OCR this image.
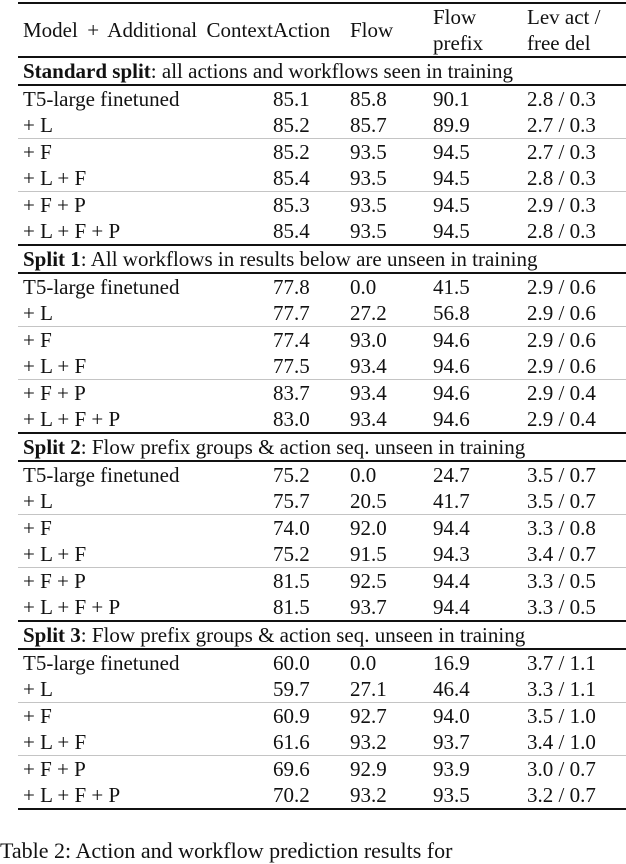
Model + Additional Context	Action	Flow	Flow prefix	Lev act / free del
Standard split: all actions and workflows seen in training				
T5-large finetuned	85.1	85.8	90.1	2.8 / 0.3
+ L	85.2	85.7	89.9	2.7 / 0.3
+ F	85.2	93.5	94.5	2.7 / 0.3
+ L + F	85.4	93.5	94.5	2.8 / 0.3
+ F + P	85.3	93.5	94.5	2.9 / 0.3
+ L + F + P	85.4	93.5	94.5	2.8 / 0.3
Split 1: All workflows in results below are unseen in training				
T5-large finetuned	77.8	0.0	41.5	2.9 / 0.6
+ L	77.7	27.2	56.8	2.9 / 0.6
+ F	77.4	93.0	94.6	2.9 / 0.6
+ L + F	77.5	93.4	94.6	2.9 / 0.6
+ F + P	83.7	93.4	94.6	2.9 / 0.4
+ L + F + P	83.0	93.4	94.6	2.9 / 0.4
Split 2: Flow prefix groups & action seq. unseen in training				
T5-large finetuned	75.2	0.0	24.7	3.5 / 0.7
+ L	75.7	20.5	41.7	3.5 / 0.7
+ F	74.0	92.0	94.4	3.3 / 0.8
+ L + F	75.2	91.5	94.3	3.4 / 0.7
+ F + P	81.5	92.5	94.4	3.3 / 0.5
+ L + F + P	81.5	93.7	94.4	3.3 / 0.5
Split 3: Flow prefix groups & action seq. unseen in training				
T5-large finetuned	60.0	0.0	16.9	3.7 / 1.1
+ L	59.7	27.1	46.4	3.3 / 1.1
+ F	60.9	92.7	94.0	3.5 / 1.0
+ L + F	61.6	93.2	93.7	3.4 / 1.0
+ F + P	69.6	92.9	93.9	3.0 / 0.7
+ L + F + P	70.2	93.2	93.5	3.2 / 0.7
Table 2: Action and workflow prediction results for
